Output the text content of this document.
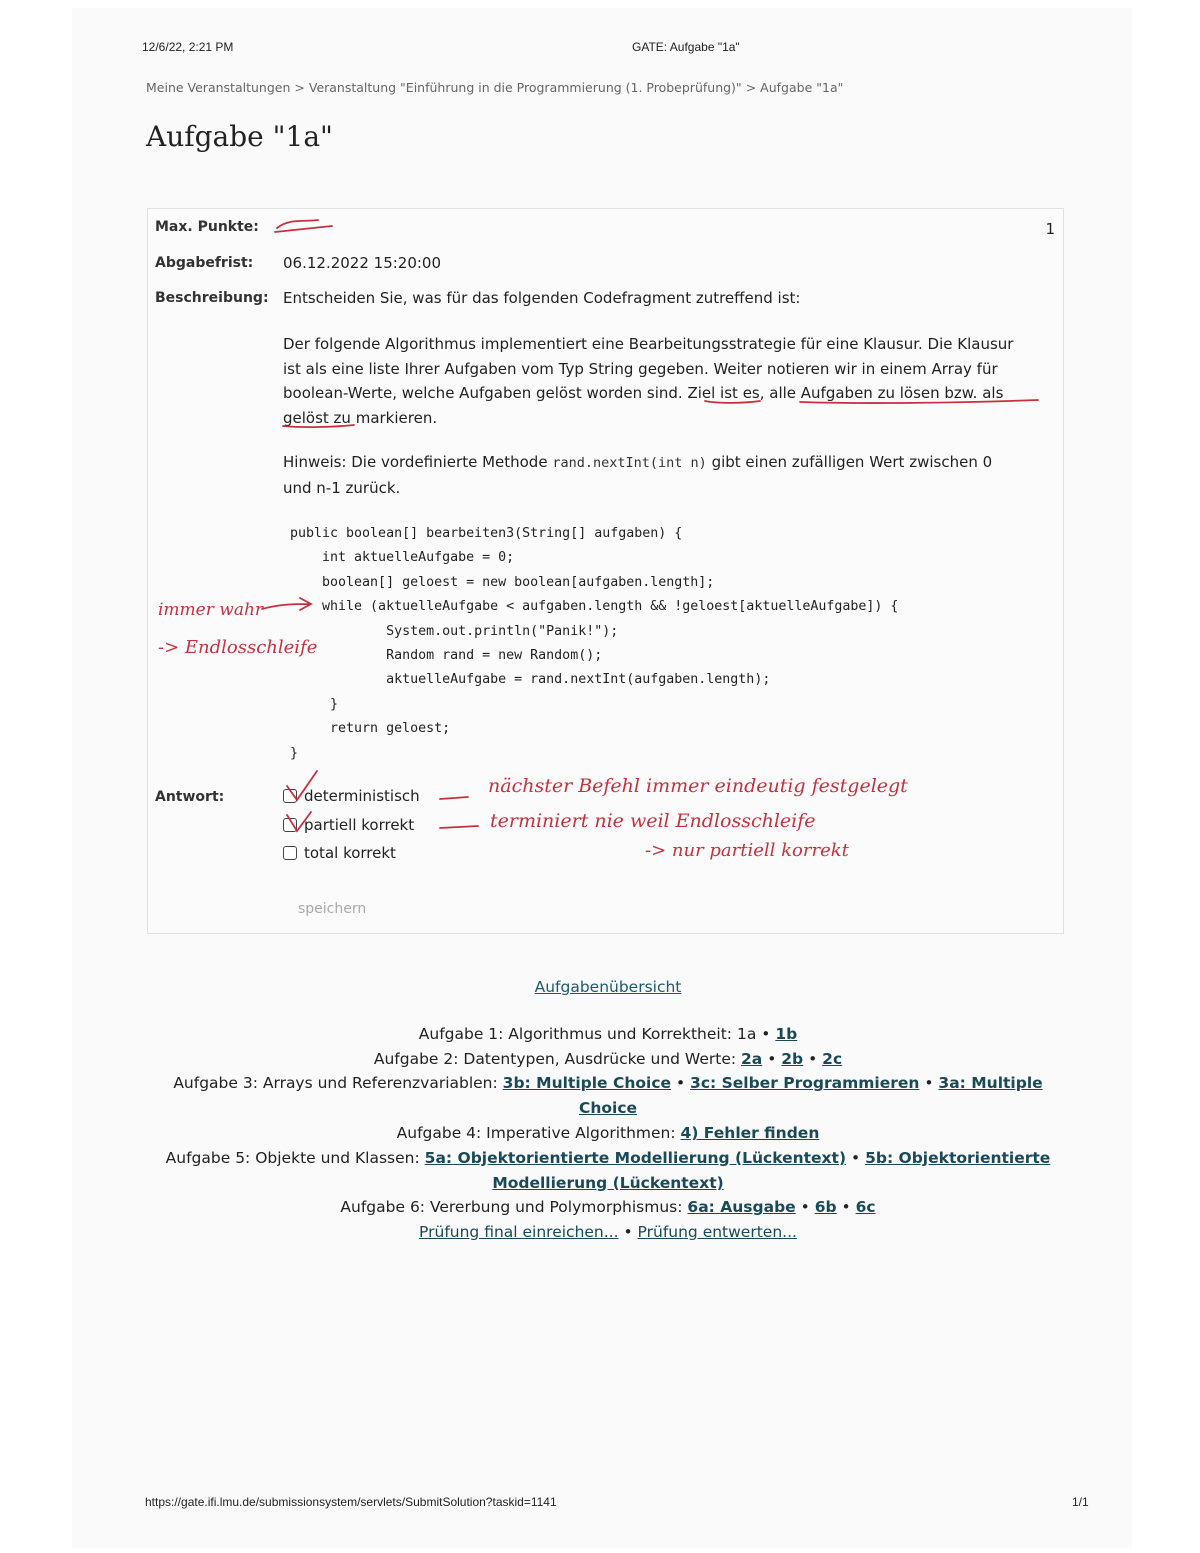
12/6/22, 2:21 PM	GATE: Aufgabe "1a"
Meine Veranstaltungen > Veranstaltung "Einführung in die Programmierung (1. Probeprüfung)" > Aufgabe "1a"
Aufgabe "1a"
Max. Punkte:	1
Abgabefrist: 06.12.2022 15:20:00
Beschreibung: Entscheiden Sie, was für das folgenden Codefragment zutreffend ist:
Der folgende Algorithmus implementiert eine Bearbeitungsstrategie für eine Klausur. Die Klausur
ist als eine liste Ihrer Aufgaben vom Typ String gegeben. Weiter notieren wir in einem Array für
boolean-Werte, welche Aufgaben gelöst worden sind. Ziel ist es, alle Aufgaben zu lösen bzw. als
gelöst zu markieren.
Hinweis: Die vordefinierte Methode rand.nextInt(int n) gibt einen zufälligen Wert zwischen 0
und n-1 zurück.
public boolean[] bearbeiten3(String[] aufgaben) {
int aktuelleAufgabe = 0;
boolean[] geloest = new boolean[aufgaben.length];
while (aktuelleAufgabe < aufgaben.length && !geloest[aktuelleAufgabe]) {
System.out.println("Panik!");
Random rand = new Random();
aktuelleAufgabe = rand.nextInt(aufgaben.length);
}
return geloest;
}
Antwort:	deterministisch
partiell korrekt
total korrekt
speichern
immer wahr
-> Endlosschleife
nächster Befehl immer eindeutig festgelegt
terminiert nie weil Endlosschleife
-> nur partiell korrekt
Aufgabenübersicht
Aufgabe 1: Algorithmus und Korrektheit: 1a • 1b
Aufgabe 2: Datentypen, Ausdrücke und Werte: 2a • 2b • 2c
Aufgabe 3: Arrays und Referenzvariablen: 3b: Multiple Choice • 3c: Selber Programmieren • 3a: Multiple Choice
Aufgabe 4: Imperative Algorithmen: 4) Fehler finden
Aufgabe 5: Objekte und Klassen: 5a: Objektorientierte Modellierung (Lückentext) • 5b: Objektorientierte Modellierung (Lückentext)
Aufgabe 6: Vererbung und Polymorphismus: 6a: Ausgabe • 6b • 6c
Prüfung final einreichen... • Prüfung entwerten...
https://gate.ifi.lmu.de/submissionsystem/servlets/SubmitSolution?taskid=1141	1/1
